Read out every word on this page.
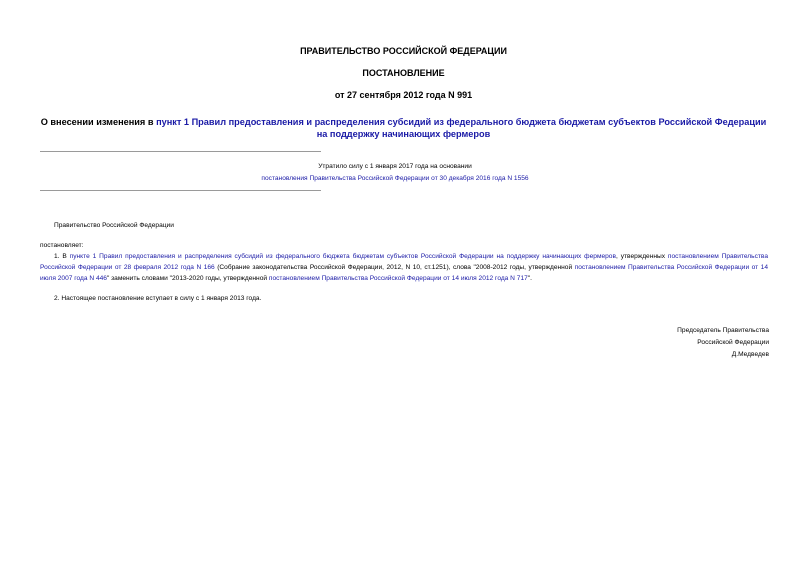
ПРАВИТЕЛЬСТВО РОССИЙСКОЙ ФЕДЕРАЦИИ
ПОСТАНОВЛЕНИЕ
от 27 сентября 2012 года N 991
О внесении изменения в пункт 1 Правил предоставления и распределения субсидий из федерального бюджета бюджетам субъектов Российской Федерации на поддержку начинающих фермеров
Утратило силу с 1 января 2017 года на основании
постановления Правительства Российской Федерации от 30 декабря 2016 года N 1556
Правительство Российской Федерации
постановляет:
1. В пункте 1 Правил предоставления и распределения субсидий из федерального бюджета бюджетам субъектов Российской Федерации на поддержку начинающих фермеров, утвержденных постановлением Правительства Российской Федерации от 28 февраля 2012 года N 166 (Собрание законодательства Российской Федерации, 2012, N 10, ст.1251), слова "2008-2012 годы, утвержденной постановлением Правительства Российской Федерации от 14 июля 2007 года N 446" заменить словами "2013-2020 годы, утвержденной постановлением Правительства Российской Федерации от 14 июля 2012 года N 717".
2. Настоящее постановление вступает в силу с 1 января 2013 года.
Председатель Правительства
Российской Федерации
Д.Медведев
